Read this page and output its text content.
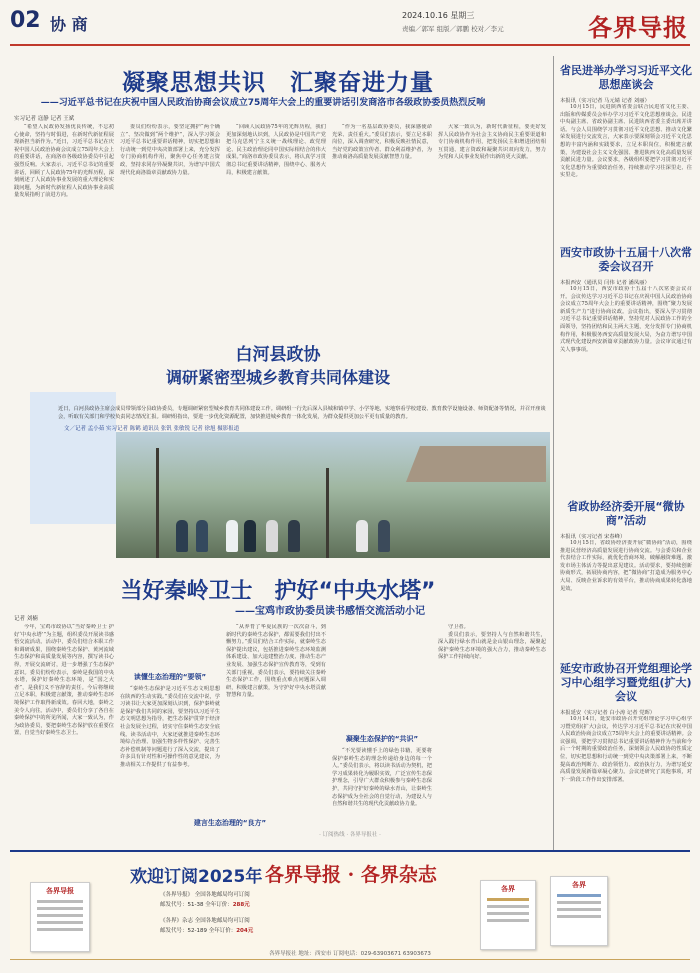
02 协 商	2024.10.16 星期三
责编／郭军 组版／郭鹏 校对／李元	各界导报
凝聚思想共识　汇聚奋进力量
——习近平总书记在庆祝中国人民政治协商会议成立75周年大会上的重要讲话引发商洛市各级政协委员热烈反响
实习记者 寇静 记者 王斌

“希望人民政协发扬优良传统，不忘初心使命，坚持与时俱进，在新时代新征程展现新担当新作为。”近日，习近平总书记在庆祝中国人民政治协商会议成立75周年大会上的重要讲话，在商洛市各级政协委员中引起强烈反响。大家表示，习近平总书记的重要讲话，回顾了人民政协75年的光辉历程，深刻阐述了人民政协事业发展的重大理论和实践问题，为新时代新征程人民政协事业高质量发展指明了前进方向。

委员们纷纷表示，要坚定拥护“两个确立”、坚决做到“两个维护”，深入学习领会习近平总书记重要讲话精神，切实把思想和行动统一到党中央决策部署上来，充分发挥专门协商机构作用，聚焦中心任务建言资政，坚持求同存异凝聚共识，为谱写中国式现代化商洛篇章贡献政协力量。

“回顾人民政协75年的光辉历程，我们更加深刻地认识到，人民政协是中国共产党把马克思列宁主义统一战线理论、政党理论、民主政治理论同中国实际相结合的伟大成果。”商洛市政协委员表示，将认真学习贯彻总书记重要讲话精神，围绕中心、服务大局，积极建言献策。

“作为一名基层政协委员，我深感使命光荣、责任重大。”委员们表示，要立足本职岗位，深入调查研究，积极反映社情民意，当好党的政策宣传者、群众利益维护者，为推动商洛高质量发展贡献智慧力量。

大家一致认为，新时代新征程，要更好发挥人民政协作为社会主义协商民主重要渠道和专门协商机构作用，把发扬民主和增进团结相互贯通、建言资政和凝聚共识双向发力，努力为党和人民事业发展作出新的更大贡献。

省民进举办学习习近平文化思想座谈会
本报讯（实习记者 马元婧 记者 刘丽）

10月15日，民进陕西省委会联合民进省文化主委、出版和传媒委员会举办学习习近平文化思想座谈会。民进中央副主席、省政协副主席、民进陕西省委主委出席并讲话。与会人员围绕学习贯彻习近平文化思想、推动文化繁荣发展进行交流发言，大家表示要深刻领会习近平文化思想的丰富内涵和实践要求，立足本职岗位，积极建言献策，为建设社会主义文化强国、推进陕西文化高质量发展贡献民进力量。会议要求，各级组织要把学习贯彻习近平文化思想作为重要政治任务，持续推动学习往深里走、往实里走。

西安市政协十五届十八次常委会议召开
本报西安（通讯员 闫伟 记者 潘凤丽）

10月15日，西安市政协十五届十八次常委会议召开。会议传达学习习近平总书记在庆祝中国人民政治协商会议成立75周年大会上的重要讲话精神，围绕“聚力发展新质生产力”进行协商议政。会议指出，要深入学习贯彻习近平总书记重要讲话精神，坚持党对人民政协工作的全面领导，坚持团结和民主两大主题，充分发挥专门协商机构作用，积极服务西安高质量发展大局，为奋力谱写中国式现代化建设西安新篇章贡献政协力量。会议审议通过有关人事事项。

省政协经济委开展“微协商”活动
本报讯（实习记者 宋春峰）

10月15日，省政协经济委开展“微协商”活动，围绕推进民营经济高质量发展进行协商交流。与会委员和企业代表结合工作实际，就优化营商环境、破解融资难题、激发市场主体活力等提出意见建议。活动要求，要持续创新协商形式，拓展协商内容，把“微协商”打造成为服务中心大局、反映企业诉求的有效平台，推动协商成果转化落地见效。

延安市政协召开党组理论学习中心组学习暨党组(扩大)会议
本报延安（实习记者 白小涛 记者 党晖）

10月14日，延安市政协召开党组理论学习中心组学习暨党组(扩大)会议，传达学习习近平总书记在庆祝中国人民政治协商会议成立75周年大会上的重要讲话精神。会议强调，要把学习贯彻总书记重要讲话精神作为当前和今后一个时期的重要政治任务，深刻领会人民政协的性质定位，切实把思想和行动统一到党中央决策部署上来，不断提高政治判断力、政治领悟力、政治执行力，为谱写延安高质量发展新篇章凝心聚力。会议还研究了其他事项，对下一阶段工作作出安排部署。

白河县政协
调研紧密型城乡教育共同体建设
近日，白河县政协主席会成员带领部分县政协委员，专题调研紧密型城乡教育共同体建设工作。调研组一行先后深入县城和镇中学、小学等地，实地察看学校建设、教育教学设施设备、师资配备等情况，并召开座谈会，听取有关部门和学校负责同志情况汇报。调研组指出，要进一步优化资源配置，加快推进城乡教育一体化发展，为群众提供更加公平更有质量的教育。
文／记者 孟小茹 实习记者 陈鹤 通讯员 张钒 张敏锐 记者 徐旭 摄影报道
当好秦岭卫士　护好“中央水塔”
——宝鸡市政协委员读书感悟交流活动小记
记者 刘楠

今年，宝鸡市政协以“当好秦岭卫士 护好‘中央水塔’”为主题，组织委员开展读书感悟交流活动。活动中，委员们结合本职工作和调研成果，围绕秦岭生态保护、黄河流域生态保护和高质量发展等内容，撰写读书心得，开展交流研讨，进一步增强了生态保护意识。委员们纷纷表示，秦岭是我国的中央水塔，保护好秦岭生态环境，是“国之大者”，是我们义不容辞的责任。今后将继续立足本职，积极建言献策，推动秦岭生态环境保护工作取得新成效。春回大地，秦岭之美令人向往。活动中，委员们分享了各自在秦岭保护中的所见所闻，大家一致认为，作为政协委员，要把秦岭生态保护放在重要位置，自觉当好秦岭生态卫士。

读懂生态治理的“要领”

“秦岭生态保护是习近平生态文明思想在陕西的生动实践。”委员们在交流中说，学习读书让大家更加深刻认识到，保护秦岭就是保护我们共同的家园，要坚持以习近平生态文明思想为指导，把生态保护贯穿于经济社会发展全过程，切实守住秦岭生态安全底线。读书活动中，大家还就推进秦岭生态环境综合治理、加强生物多样性保护、完善生态补偿机制等问题进行了深入交流，提出了许多具有针对性和可操作性的意见建议，为推动相关工作提供了有益参考。

“从养育了华夏民族的一次次奋斗，到新时代的秦岭生态保护，都需要我们付出不懈努力。”委员们结合工作实际，就秦岭生态保护提出建议，包括推进秦岭生态环境监测体系建设、加大违建整治力度、推动生态产业发展、加强生态保护宣传教育等，受到有关部门重视。委员们表示，要持续关注秦岭生态保护工作，围绕重点难点问题深入调研，积极建言献策，为守护好中央水塔贡献智慧和力量。

凝聚生态保护的“共识”

“不光要读懂手上的绿色书籍，更要将保护秦岭生态的理念传递给身边的每一个人。”委员们表示，将以读书活动为契机，把学习成果转化为履职实效，广泛宣传生态保护理念，引导广大群众积极参与秦岭生态保护，共同守护好秦岭的绿水青山，让秦岭生态保护成为全社会的自觉行动，为建设人与自然和谐共生的现代化贡献政协力量。

守卫者。

委员们表示，要坚持人与自然和谐共生，深入践行绿水青山就是金山银山理念，凝聚起保护秦岭生态环境的强大合力，推动秦岭生态保护工作持续向好。

建言生态治理的“良方”
· 订阅热线 · 各界导报社 ·
各界导报
欢迎订阅2025年 各界导报 · 各界杂志
《各界导报》 全国各地邮局均可订阅
邮发代号：51-38 全年订价：288元
《各界》杂志 全国各地邮局均可订阅
邮发代号：52-189 全年订价：204元
各界	各界
各界导报社 地址：西安市 订阅电话：029-63903671 63903673
